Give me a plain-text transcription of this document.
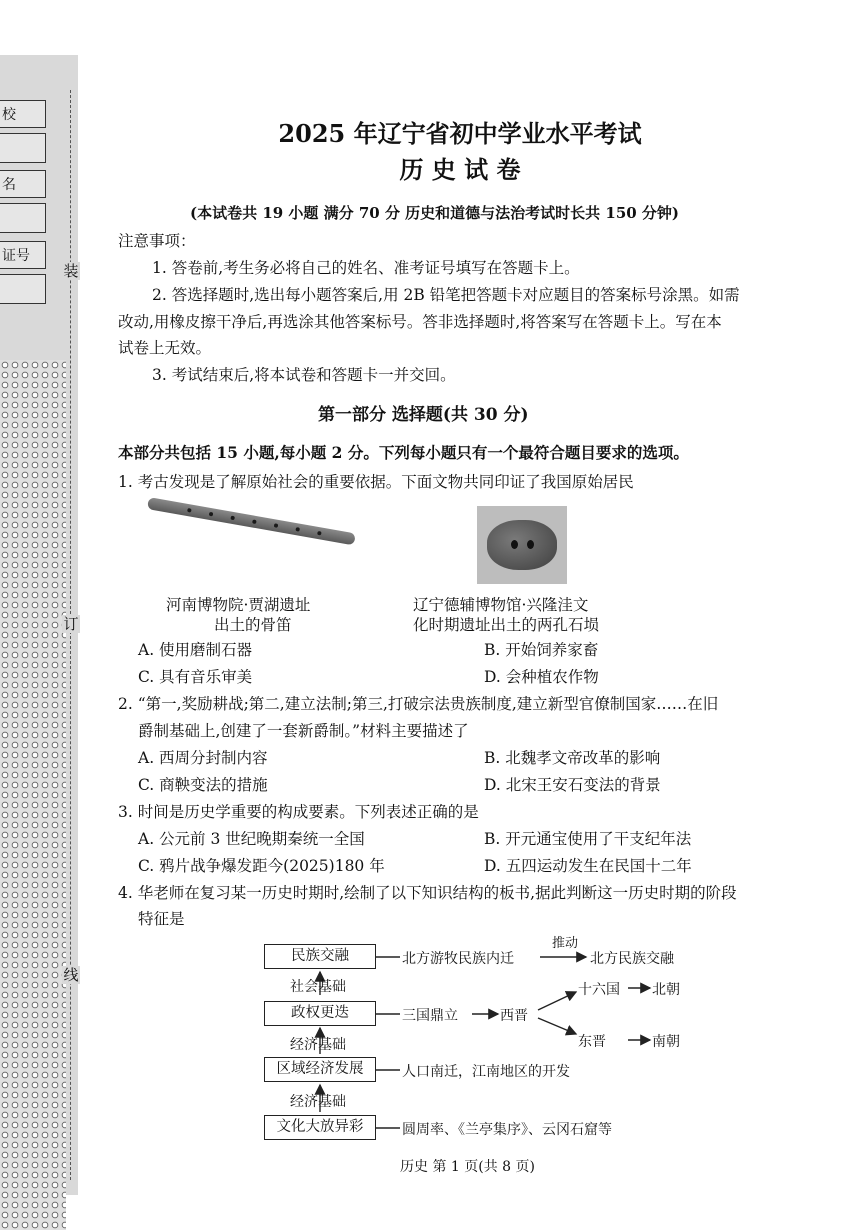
校
名
证号
装
订
线
2025 年辽宁省初中学业水平考试
历 史 试 卷
(本试卷共 19 小题 满分 70 分 历史和道德与法治考试时长共 150 分钟)
注意事项：
1. 答卷前,考生务必将自己的姓名、准考证号填写在答题卡上。
2. 答选择题时,选出每小题答案后,用 2B 铅笔把答题卡对应题目的答案标号涂黑。如需
改动,用橡皮擦干净后,再选涂其他答案标号。答非选择题时,将答案写在答题卡上。写在本
试卷上无效。
3. 考试结束后,将本试卷和答题卡一并交回。
第一部分 选择题(共 30 分)
本部分共包括 15 小题,每小题 2 分。下列每小题只有一个最符合题目要求的选项。
1. 考古发现是了解原始社会的重要依据。下面文物共同印证了我国原始居民
河南博物院·贾湖遗址
出土的骨笛
辽宁德辅博物馆·兴隆洼文
化时期遗址出土的两孔石埙
A. 使用磨制石器	B. 开始饲养家畜
C. 具有音乐审美	D. 会种植农作物
2. “第一,奖励耕战;第二,建立法制;第三,打破宗法贵族制度,建立新型官僚制国家……在旧
爵制基础上,创建了一套新爵制。”材料主要描述了
A. 西周分封制内容	B. 北魏孝文帝改革的影响
C. 商鞅变法的措施	D. 北宋王安石变法的背景
3. 时间是历史学重要的构成要素。下列表述正确的是
A. 公元前 3 世纪晚期秦统一全国	B. 开元通宝使用了干支纪年法
C. 鸦片战争爆发距今(2025)180 年	D. 五四运动发生在民国十二年
4. 华老师在复习某一历史时期时,绘制了以下知识结构的板书,据此判断这一历史时期的阶段
特征是
民族交融
政权更迭
区域经济发展
文化大放异彩
社会基础
经济基础
经济基础
北方游牧民族内迁
推动
北方民族交融
三国鼎立	西晋
十六国 北朝
东晋	南朝
人口南迁，江南地区的开发
圆周率、《兰亭集序》、云冈石窟等
历史 第 1 页(共 8 页)
